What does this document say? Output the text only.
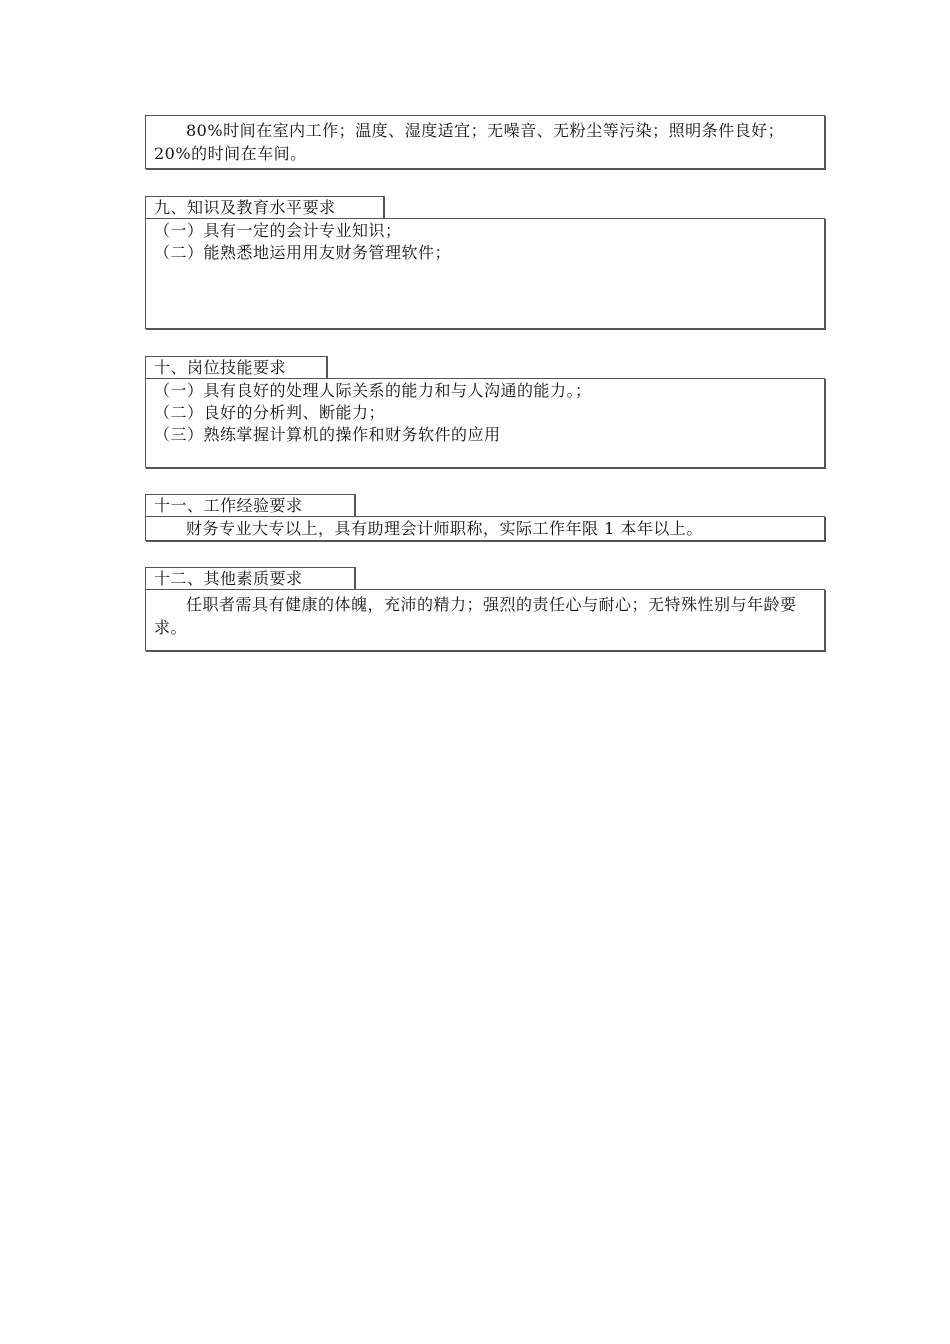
80%时间在室内工作；温度、湿度适宜；无噪音、无粉尘等污染；照明条件良好；20%的时间在车间。

九、知识及教育水平要求

（一）具有一定的会计专业知识；

（二）能熟悉地运用用友财务管理软件；

十、岗位技能要求

（一）具有良好的处理人际关系的能力和与人沟通的能力。；

（二）良好的分析判、断能力；

（三）熟练掌握计算机的操作和财务软件的应用

十一、工作经验要求

财务专业大专以上，具有助理会计师职称，实际工作年限 1 本年以上。

十二、其他素质要求

任职者需具有健康的体魄，充沛的精力；强烈的责任心与耐心；无特殊性别与年龄要求。
